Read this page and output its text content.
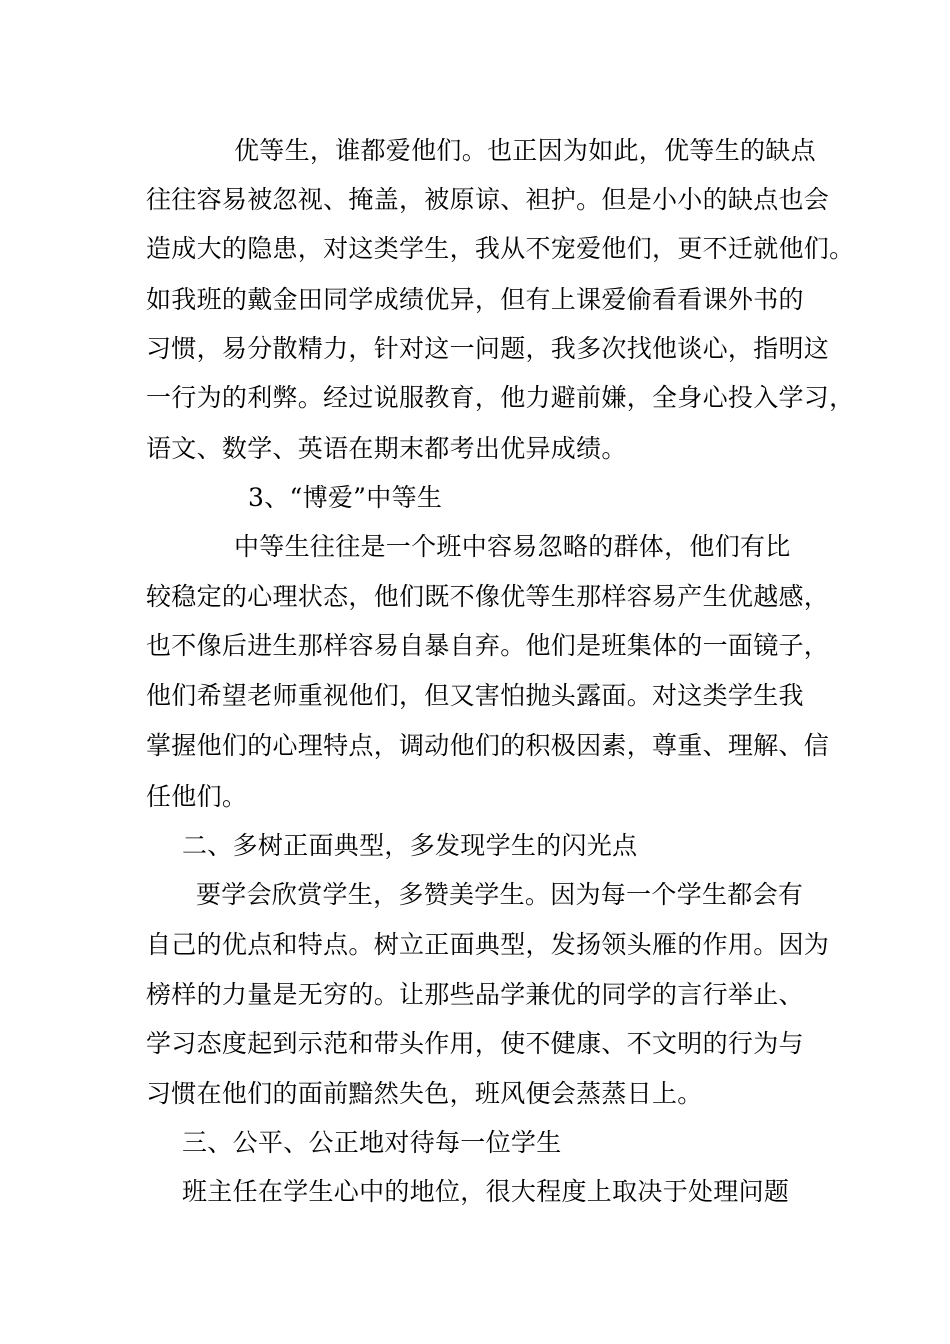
优等生，谁都爱他们。也正因为如此，优等生的缺点
往往容易被忽视、掩盖，被原谅、袒护。但是小小的缺点也会
造成大的隐患，对这类学生，我从不宠爱他们，更不迁就他们。
如我班的戴金田同学成绩优异，但有上课爱偷看看课外书的
习惯，易分散精力，针对这一问题，我多次找他谈心，指明这
一行为的利弊。经过说服教育，他力避前嫌，全身心投入学习，
语文、数学、英语在期末都考出优异成绩。
3、“博爱”中等生
中等生往往是一个班中容易忽略的群体，他们有比
较稳定的心理状态，他们既不像优等生那样容易产生优越感，
也不像后进生那样容易自暴自弃。他们是班集体的一面镜子，
他们希望老师重视他们，但又害怕抛头露面。对这类学生我
掌握他们的心理特点，调动他们的积极因素，尊重、理解、信
任他们。
二、多树正面典型，多发现学生的闪光点
要学会欣赏学生，多赞美学生。因为每一个学生都会有
自己的优点和特点。树立正面典型，发扬领头雁的作用。因为
榜样的力量是无穷的。让那些品学兼优的同学的言行举止、
学习态度起到示范和带头作用，使不健康、不文明的行为与
习惯在他们的面前黯然失色，班风便会蒸蒸日上。
三、公平、公正地对待每一位学生
班主任在学生心中的地位，很大程度上取决于处理问题
